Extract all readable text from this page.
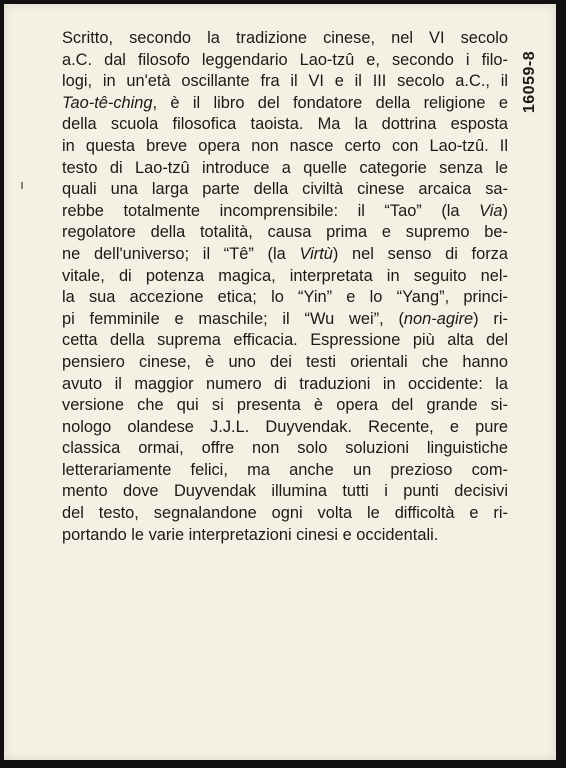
Scritto, secondo la tradizione cinese, nel VI secolo
a.C. dal filosofo leggendario Lao-tzû e, secondo i filo-
logi, in un'età oscillante fra il VI e il III secolo a.C., il
Tao-tê-ching, è il libro del fondatore della religione e
della scuola filosofica taoista. Ma la dottrina esposta
in questa breve opera non nasce certo con Lao-tzû. Il
testo di Lao-tzû introduce a quelle categorie senza le
quali una larga parte della civiltà cinese arcaica sa-
rebbe totalmente incomprensibile: il “Tao” (la Via)
regolatore della totalità, causa prima e supremo be-
ne dell'universo; il “Tê” (la Virtù) nel senso di forza
vitale, di potenza magica, interpretata in seguito nel-
la sua accezione etica; lo “Yin” e lo “Yang”, princi-
pi femminile e maschile; il “Wu wei”, (non-agire) ri-
cetta della suprema efficacia. Espressione più alta del
pensiero cinese, è uno dei testi orientali che hanno
avuto il maggior numero di traduzioni in occidente: la
versione che qui si presenta è opera del grande si-
nologo olandese J.J.L. Duyvendak. Recente, e pure
classica ormai, offre non solo soluzioni linguistiche
letterariamente felici, ma anche un prezioso com-
mento dove Duyvendak illumina tutti i punti decisivi
del testo, segnalandone ogni volta le difficoltà e ri-
portando le varie interpretazioni cinesi e occidentali.
16059-8
